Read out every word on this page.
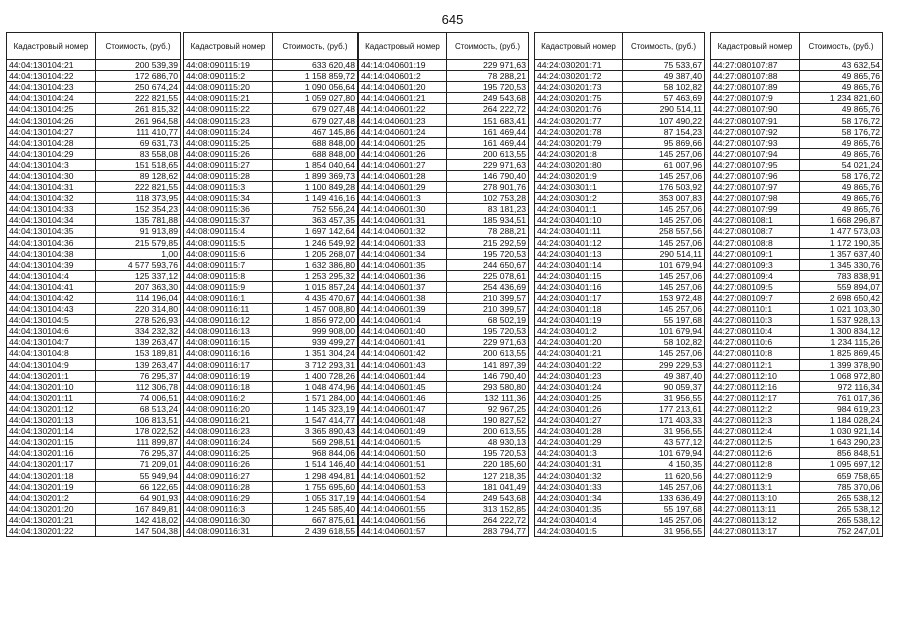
645
Кадастровый номер	Стоимость, (руб.)
44:04:130104:21	200 539,39
44:04:130104:22	172 686,70
44:04:130104:23	250 674,24
44:04:130104:24	222 821,55
44:04:130104:25	261 815,32
44:04:130104:26	261 964,58
44:04:130104:27	111 410,77
44:04:130104:28	69 631,73
44:04:130104:29	83 558,08
44:04:130104:3	151 518,65
44:04:130104:30	89 128,62
44:04:130104:31	222 821,55
44:04:130104:32	118 373,95
44:04:130104:33	152 354,23
44:04:130104:34	135 781,88
44:04:130104:35	91 913,89
44:04:130104:36	215 579,85
44:04:130104:38	1,00
44:04:130104:39	4 577 593,76
44:04:130104:4	125 337,12
44:04:130104:41	207 363,30
44:04:130104:42	114 196,04
44:04:130104:43	220 314,80
44:04:130104:5	278 526,93
44:04:130104:6	334 232,32
44:04:130104:7	139 263,47
44:04:130104:8	153 189,81
44:04:130104:9	139 263,47
44:04:130201:1	76 295,37
44:04:130201:10	112 306,78
44:04:130201:11	74 006,51
44:04:130201:12	68 513,24
44:04:130201:13	106 813,51
44:04:130201:14	178 022,52
44:04:130201:15	111 899,87
44:04:130201:16	76 295,37
44:04:130201:17	71 209,01
44:04:130201:18	55 949,94
44:04:130201:19	66 122,65
44:04:130201:2	64 901,93
44:04:130201:20	167 849,81
44:04:130201:21	142 418,02
44:04:130201:22	147 504,38
Кадастровый номер	Стоимость, (руб.)
44:08:090115:19	633 620,48
44:08:090115:2	1 158 859,72
44:08:090115:20	1 090 056,64
44:08:090115:21	1 059 027,80
44:08:090115:22	679 027,48
44:08:090115:23	679 027,48
44:08:090115:24	467 145,86
44:08:090115:25	688 848,00
44:08:090115:26	688 848,00
44:08:090115:27	1 854 040,64
44:08:090115:28	1 899 369,73
44:08:090115:3	1 100 849,28
44:08:090115:34	1 149 416,16
44:08:090115:36	752 556,24
44:08:090115:37	363 457,35
44:08:090115:4	1 697 142,64
44:08:090115:5	1 246 549,92
44:08:090115:6	1 205 268,07
44:08:090115:7	1 632 386,80
44:08:090115:8	1 253 295,32
44:08:090115:9	1 015 857,24
44:08:090116:1	4 435 470,67
44:08:090116:11	1 457 008,80
44:08:090116:12	1 856 972,00
44:08:090116:13	999 908,00
44:08:090116:15	939 499,27
44:08:090116:16	1 351 304,24
44:08:090116:17	3 712 293,31
44:08:090116:19	1 400 728,26
44:08:090116:18	1 048 474,96
44:08:090116:2	1 571 284,00
44:08:090116:20	1 145 323,19
44:08:090116:21	1 547 414,77
44:08:090116:23	3 365 890,43
44:08:090116:24	569 298,51
44:08:090116:25	968 844,06
44:08:090116:26	1 514 146,40
44:08:090116:27	1 298 494,81
44:08:090116:28	1 755 695,60
44:08:090116:29	1 055 317,19
44:08:090116:3	1 245 585,40
44:08:090116:30	667 875,61
44:08:090116:31	2 439 618,55
Кадастровый номер	Стоимость, (руб.)
44:14:040601:19	229 971,63
44:14:040601:2	78 288,21
44:14:040601:20	195 720,53
44:14:040601:21	249 543,68
44:14:040601:22	264 222,72
44:14:040601:23	151 683,41
44:14:040601:24	161 469,44
44:14:040601:25	161 469,44
44:14:040601:26	200 613,55
44:14:040601:27	229 971,63
44:14:040601:28	146 790,40
44:14:040601:29	278 901,76
44:14:040601:3	102 753,28
44:14:040601:30	83 181,23
44:14:040601:31	185 934,51
44:14:040601:32	78 288,21
44:14:040601:33	215 292,59
44:14:040601:34	195 720,53
44:14:040601:35	244 650,67
44:14:040601:36	225 078,61
44:14:040601:37	254 436,69
44:14:040601:38	210 399,57
44:14:040601:39	210 399,57
44:14:040601:4	68 502,19
44:14:040601:40	195 720,53
44:14:040601:41	229 971,63
44:14:040601:42	200 613,55
44:14:040601:43	141 897,39
44:14:040601:44	146 790,40
44:14:040601:45	293 580,80
44:14:040601:46	132 111,36
44:14:040601:47	92 967,25
44:14:040601:48	190 827,52
44:14:040601:49	200 613,55
44:14:040601:5	48 930,13
44:14:040601:50	195 720,53
44:14:040601:51	220 185,60
44:14:040601:52	127 218,35
44:14:040601:53	181 041,49
44:14:040601:54	249 543,68
44:14:040601:55	313 152,85
44:14:040601:56	264 222,72
44:14:040601:57	283 794,77
Кадастровый номер	Стоимость, (руб.)
44:24:030201:71	75 533,67
44:24:030201:72	49 387,40
44:24:030201:73	58 102,82
44:24:030201:75	57 463,69
44:24:030201:76	290 514,11
44:24:030201:77	107 490,22
44:24:030201:78	87 154,23
44:24:030201:79	95 869,66
44:24:030201:8	145 257,06
44:24:030201:80	61 007,96
44:24:030201:9	145 257,06
44:24:030301:1	176 503,92
44:24:030301:2	353 007,83
44:24:030401:1	145 257,06
44:24:030401:10	145 257,06
44:24:030401:11	258 557,56
44:24:030401:12	145 257,06
44:24:030401:13	290 514,11
44:24:030401:14	101 679,94
44:24:030401:15	145 257,06
44:24:030401:16	145 257,06
44:24:030401:17	153 972,48
44:24:030401:18	145 257,06
44:24:030401:19	55 197,68
44:24:030401:2	101 679,94
44:24:030401:20	58 102,82
44:24:030401:21	145 257,06
44:24:030401:22	299 229,53
44:24:030401:23	49 387,40
44:24:030401:24	90 059,37
44:24:030401:25	31 956,55
44:24:030401:26	177 213,61
44:24:030401:27	171 403,33
44:24:030401:28	31 956,55
44:24:030401:29	43 577,12
44:24:030401:3	101 679,94
44:24:030401:31	4 150,35
44:24:030401:32	11 620,56
44:24:030401:33	145 257,06
44:24:030401:34	133 636,49
44:24:030401:35	55 197,68
44:24:030401:4	145 257,06
44:24:030401:5	31 956,55
Кадастровый номер	Стоимость, (руб.)
44:27:080107:87	43 632,54
44:27:080107:88	49 865,76
44:27:080107:89	49 865,76
44:27:080107:9	1 234 821,60
44:27:080107:90	49 865,76
44:27:080107:91	58 176,72
44:27:080107:92	58 176,72
44:27:080107:93	49 865,76
44:27:080107:94	49 865,76
44:27:080107:95	54 021,24
44:27:080107:96	58 176,72
44:27:080107:97	49 865,76
44:27:080107:98	49 865,76
44:27:080107:99	49 865,76
44:27:080108:1	1 668 296,87
44:27:080108:7	1 477 573,03
44:27:080108:8	1 172 190,35
44:27:080109:1	1 357 637,40
44:27:080109:3	1 345 330,76
44:27:080109:4	783 838,91
44:27:080109:5	559 894,07
44:27:080109:7	2 698 650,42
44:27:080110:1	1 021 103,30
44:27:080110:3	1 537 928,13
44:27:080110:4	1 300 834,12
44:27:080110:6	1 234 115,26
44:27:080110:8	1 825 869,45
44:27:080112:1	1 399 378,90
44:27:080112:10	1 068 972,80
44:27:080112:16	972 116,34
44:27:080112:17	761 017,36
44:27:080112:2	984 619,23
44:27:080112:3	1 184 028,24
44:27:080112:4	1 030 921,14
44:27:080112:5	1 643 290,23
44:27:080112:6	856 848,51
44:27:080112:8	1 095 697,12
44:27:080112:9	659 758,65
44:27:080113:1	785 370,06
44:27:080113:10	265 538,12
44:27:080113:11	265 538,12
44:27:080113:12	265 538,12
44:27:080113:17	752 247,01
